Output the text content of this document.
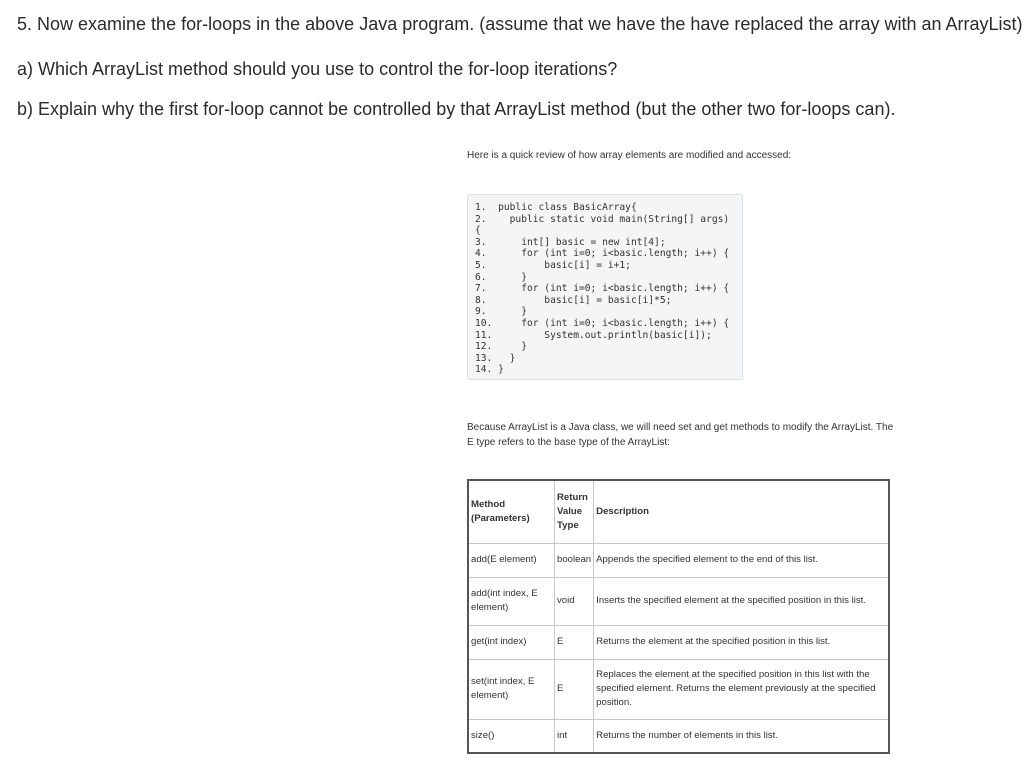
5. Now examine the for-loops in the above Java program. (assume that we have the have replaced the array with an ArrayList)
a) Which ArrayList method should you use to control the for-loop iterations?
b) Explain why the first for-loop cannot be controlled by that ArrayList method (but the other two for-loops can).
Here is a quick review of how array elements are modified and accessed:
1.  public class BasicArray{
2.    public static void main(String[] args)
{
3.      int[] basic = new int[4];
4.      for (int i=0; i<basic.length; i++) {
5.          basic[i] = i+1;
6.      }
7.      for (int i=0; i<basic.length; i++) {
8.          basic[i] = basic[i]*5;
9.      }
10.     for (int i=0; i<basic.length; i++) {
11.         System.out.println(basic[i]);
12.     }
13.   }
14. }
Because ArrayList is a Java class, we will need set and get methods to modify the ArrayList. The E type refers to the base type of the ArrayList:
Method (Parameters)	Return Value Type	Description
add(E element)	boolean	Appends the specified element to the end of this list.
add(int index, E element)	void	Inserts the specified element at the specified position in this list.
get(int index)	E	Returns the element at the specified position in this list.
set(int index, E element)	E	Replaces the element at the specified position in this list with the specified element. Returns the element previously at the specified position.
size()	int	Returns the number of elements in this list.
